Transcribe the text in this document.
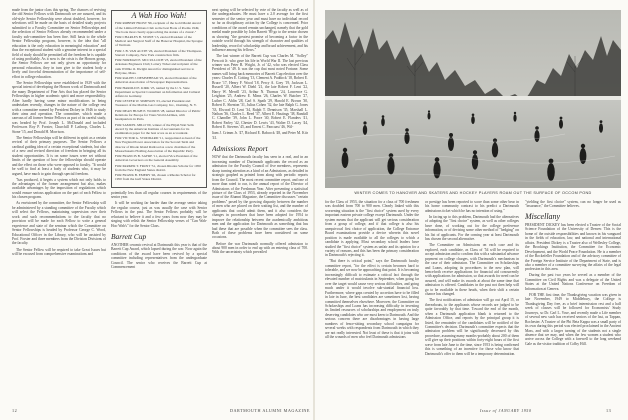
made from the junior class this spring. The chances of reviving the old Senior Fellows with Dartmouth we are assured, and its old-style Senior Fellowship were about doubled, however, for selections will be made on the basis of detailed study projects submitted to a Faculty Committee on Senior Fellowships and the selection of Senior Fellows already recommended under a faculty sub-committee has been fine. Still basis to the whole Senior Fellowship program, however, is the idea that "all education is the only education in meaningful education" and thus the exceptional student with a genuine interest in a special field of study should be permitted all the freedom he is capable of using profitably. As it now is the crisis is the Honors group, the Senior Fellows are not only given an opportunity for personal education, they in turn give to the student body a lively and forceful demonstration of the importance of self-effort in college education.

The Senior Fellowships were established in 1929 with the special intent of developing the Honors work of Dartmouth and the many Department of Fine Arts that has placed the Senior Fellowships in higher academic spirit and more responsibility. After hardly having some minor modifications in being undertaken recently, changes in the nature of the college rest with a committee named by President Dickey in 1946 to study their aims and operation. The committee, which made a canvass of all former Senior Fellows as part of its careful study, was headed by Prof. Joseph L. McDonald and included Professors Roy P. Forster, Churchill P. Lathrop, Charles L. Stone '15, and Donald H. Morrison.

The Senior Fellowships will be different in spirit as a certain revival of their primary purposes. The Senior Fellows a cardinal guiding idea of a certain exceptional students, but also of a new and revised direction of freedom in bringing all its student opportunities. It is on some issues were set without limits of the question of how the fellowships should operate and the effect on those who were opposed to faculty. "It would be well to find at least a body of students who, it may be argued, have much to gain through special freedom.

"has produced, it begets a system which not only holds to the advantages of the former arrangement but also, makes available advantages by the imposition of regulations which would ensure serious application on the part of each Fellow to his chosen program.

As envisioned by the committee, the Senior Fellowship will be administered by a standing committee of the Faculty which will select the Fellows, maintaining supervision over their work and such recommendations to the faculty that no provision will be made for each Fellow to write a general experience and state of the seminar which the Committee on Senior Fellowships is headed by Professor George C. Wood, Educational Officer in the Library, who will be assisted by Prof. Forster and three members from the Division Divisions of the faculty.

The Senior Fellow will be required to take Great Issues but will be excused from comprehensive examinations and

A Wah Hoo Wah!

FOR ROBERT FROST '96, recipient of the Gold Medal Award of the Limited Editions Club as the best Book of Poems 1949, "the book most clearly approaching the stature of a classic."

FOR CHARLES B. STONE '13, elected President of the Medical and Surgical Staff of the Hanover Hospital, the Sprague of Vermont.

FOR J. B. VAN ALSTE '26, elected President of the Thompson-Starrett Company, New York construction firm.

FOR NORMAN E. MCCULLOCH '23, elected President of the Arkansas Engineers Club; Lottery Ticket and recipient of the rank Willbie O. Dwight Award for distinguished service to Holyoke, Mass.

FOR RALPH J. DEMSEHEAD '25, elected President of the American Association of Newspaper Representatives.

FOR HAROLD E. KIRK '25, named by the U. S. State Department as Special Consultant on Information and Cultural Affairs in Germany.

FOR LESTER W. SIMPSON '23, elected President and Treasurer of the Marble-Gas Company, Inc., Ossining, N. Y.

FOR DEAN HUGH E. WOODS '28, named Director of Public Relations for Europe for Trans World Airlines, with headquarters in Paris.

FOR SAMUEL MILO '09, winner of the Elijah Watt Sells Award by the American Institute of Accountants for its examination paper for the best score as an accountant.

FOR VICTOR G. STODDARD '11, reappointed as head of the New England Power Association for the Second Term and director of Rhode Island Railroad as a new chairman of the Massachusetts Holding Association of the Republic Party.

FOR FRANCIS B. SAYRE '11, elected Vice President of the American Governors on the General Assembly.

FOR PARKER T. FROST '31, chosen Rhodes Scholar for 1950 from the New England States district.

FOR FRANK B. EMERY '46, chosen a Rhodes Scholar for 1950 from the Gulf States District.

potentially less than all regular courses in requirements of the senior year.

It will be working far harder than the average senior taking the regular course, just as was usually the case with Senior Fellows in the past. The Senior Fellows probably will be reluctant to believe it and a few years from now they may be singing with relish the Senior Fellowship verses of "Can Wah-Hoo Wah's" for the Senior Class.

Barrett Cup

ANOTHER ceramic revival at Dartmouth this year is that of the Barrett Cup Award, which lapsed during the war. Now again the conditions of the award have been revived by a special committee including representatives from the undergraduate Council. The senior who receives the Barrett Cup at Commencement

next spring will be selected by vote of the faculty as well as of the undergraduates. He must have a 2.0 average for the first semester of the senior year and must have no individual record so far as disciplinary action by the College is concerned. Prior conditions of the award remain unchanged, namely that the gold medal made possible by John Barrett '89 go to the senior chosen as showing "the greatest promise of becoming a factor in the outside world through his strength of character and qualities of leadership, record of scholarship and broad achievement, and his influence among his fellows."

The last winner of the Barrett Cup was Charles M. "Solley" Prescott Jr. who gave his life in World War II. The last previous winner was Peter B. Wright, Jr. of '42, who was elected Class President of '49. It was the cup that most noted Fortune. Some names will bring back memories of Barrett Cup election over the years: Charles E. Cotting '13, Clement A. Paddock '18, Robert E. Bruce '17, Henry F. Wood '18, Percy A. Grey '19, Jackson L. Russell '20, Albert W. Diehl '21, the late Robert F. Lent '22, Harry W. Merrill '23, Arthur N. Thomas '24, Lawrence G. Leighton '25, Andrew E. Mims '26, Charles W. Butcher '27, Luther C. Ahlin '28, Carl S. Spath '29, Harold E. Brown '30, Robert E. Shenton '31, Julius Cohen '32, the late Ralph G. Jones '33, Elwood D. Lent '34, Ralph T. Dennison '35, Marshall L. Nathan '36, Charles L. Reed '37, Albert E. Hastings '38, Randall C. Chandler '39, John L. Poore '40, Robert E. Flanders '41, Robert Farley '42, Chester D. Lewis '43, Walter D. Lacey '44, Robert E. Stevens '45, and Ernest C. Pancoast '46, Wil-

liam J. Crimm Jr. '47, Richard E. Babcock '48, and Peter M. Kiir '41.

Admissions Report

NOW that the Dartmouth faculty has seen in a real, and in an increasing number of Dartmouth applicants the record as an admission for the Faculty Council of five members, represents sharp turning attention as a kind of an Admissions, as detailed in strategic graphed as printed form along with periodic reports from the Council. The most recent committee report, and one of more than rated to our, is the annual report of the Director of Admissions of the Freshman Year. After presenting a statistical picture of the Class of 1953, already reported in the November issue of the Alumni Magazine, the Committee discusses "certain problems" posed by the growing disparity between the number of men who are placed on their waiting list, and the number of applicants that could admit them, and it also considers the changes in procedures that have been adopted for 1954 to improve the relationship between the academically ambitious men and the application for Dartmouth as something that has had these that are possible when the committee sees the class. Both of these problems have been considered on some occasions.

Before the war Dartmouth normally offered admission to about 900 men in order to end up with an entering class of 700. With the uncertainty which prevailed

12	DARTMOUTH ALUMNI MAGAZINE
WINTER COMES TO HANOVER AND SKATERS AND HOCKEY PLAYERS ROAM OUT THE SURFACE OF OCCOM POND

for the Class of 1953, the situation for a class of 700 freshmen was doubled from 700 to 900 men. Clearly linked with this worsening situation is the "first choice" system used by every important eastern private college except Dartmouth. Under the system means that the applicant will get serious consideration from a group of college, and if that college is also his unequivocal first choice of application, the College Entrance Board examinations provide a device wherein this novel position is made available to all the colleges to which a candidate is applying. Most secondary school leaders have studied the "first choice" system as unfair and its opinion for a variety of reasons, and this has been the primary consideration in Dartmouth's rejecting it.

"But there is critical point," says the Dartmouth faculty committee report, "for the effect is certain becomes hard to tolerable, and we now be approaching that point. It is becoming increasingly difficult to estimate a critical fact through the elevated number of matriculants in September, when going far over the target would cause very serious difficulties, and going much under it would involve sub-stantial financial loss. Furthermore, where gaps created by accretion have to be filled in late in June, the best candidates are sometimes lost, having committed themselves elsewhere. Moreover, the Committee on Scholarships and Loans has increasing difficulty in investing its limited resources of scholarships and employment on truly deserving candidates who are most keen to Dartmouth. And the serious concern there are disadvantages in having large numbers of fence-sitting secondary school campaigns for several weeks with respondents from Dartmouth in which they are not really interested. Not least of these is that it joins with all the wounds of men who feel Dartmouth admissions

or prestige has been reported to score than some other bear in his home community contrast to his predict a Dartmouth admissions ticket which he has no intention of using."

In facing up to this problem, Dartmouth had the alternatives of adopting the "first choice" system, as well as other colleges have done, of working out for the college preference information, or of devising some other method of "hedging" on his list of applicants. For the coming year at least Dartmouth has chosen the second alternative.

The Committee on Admissions on each case and its explored, each candidate, as Class of '54 will be required to accept admission and to confirm this with a substantial advance payment on college charges, with Dartmouth's mechanism in the case of their admission. The Committee on Scholarships and Loans, adopting its procedures to the new plan, will henceforth receive applications for financial aid concurrently with applications for admission, so that awards for need can be assured, and will make its awards at about the same time that admission is offered. Candidates in the past not then help will go to be available in these heads, when their shift a certain chance has changed.

The first notifications of admission will go out April 15, or thereabouts, to the applicants whose records are judged to be quite favorably by that time. Toward the end of the month, when a Dartmouth application blank is returned to the Admission Office, and reports by the principal group it is listed, the remainder of the candidates will be notified of the Committee's decision. Dartmouth's committee expects that the admission problem will be significantly decreased by this procedure, assuming many months-probably about 200 of them will give up their positions within forty-eight hours of the first wave from late June to the time, since 1953 is being confirmed this is something of an incentive for those who know that Dartmouth's offer to them will be a temporary determination.

"yielding the first choice" system, can no longer be used as "insurance," the Committee believes.

Miscellany

PRESIDENT DICKEY has been elected a Trustee of the Social Science Foundation of the University of Denver. This is the home of the outside responsibilities and known in his vanguard in the fields of education, law, and national and international affairs. President Dickey is a Trustee also of Wellesley College, the Brookings Institution, the Committee for Economic Development, and the World Peace Foundation. He is a member of the Rockefeller Foundation and of the advisory committee of the Foreign Service Institute of the Department of State, and is also a member of a committee surveying the affairs of the legal profession in this area.

During the past two years he served as a member of the Committee on Civil Rights and was a delegate of the United States at the United Nations Conference on Freedom of Information at Geneva.

FOR THE first time, the Thanksgiving vacation was given in late November, 1949 to Middlebury, the College is Thanksgiving Day free, as a brief intermission rest and a half week of classes will be followed for Economists' Study Journeys, so Dr. Carl L. Vose, and recently made a Life member of several new such has received seniors of the last, as Tappan, Rochester. A Trustee of the Phi Beta Kappa was a small party of its own during this period was elected proclaimed in the Ancient Mass, and with a larger turning of the students not a single absence that we may, and when the few women a student who arrive across the College with a farewell to the long weekend Gale as the visitor tradition of Colby Hill.

Issue of JANUARY 1950	13
